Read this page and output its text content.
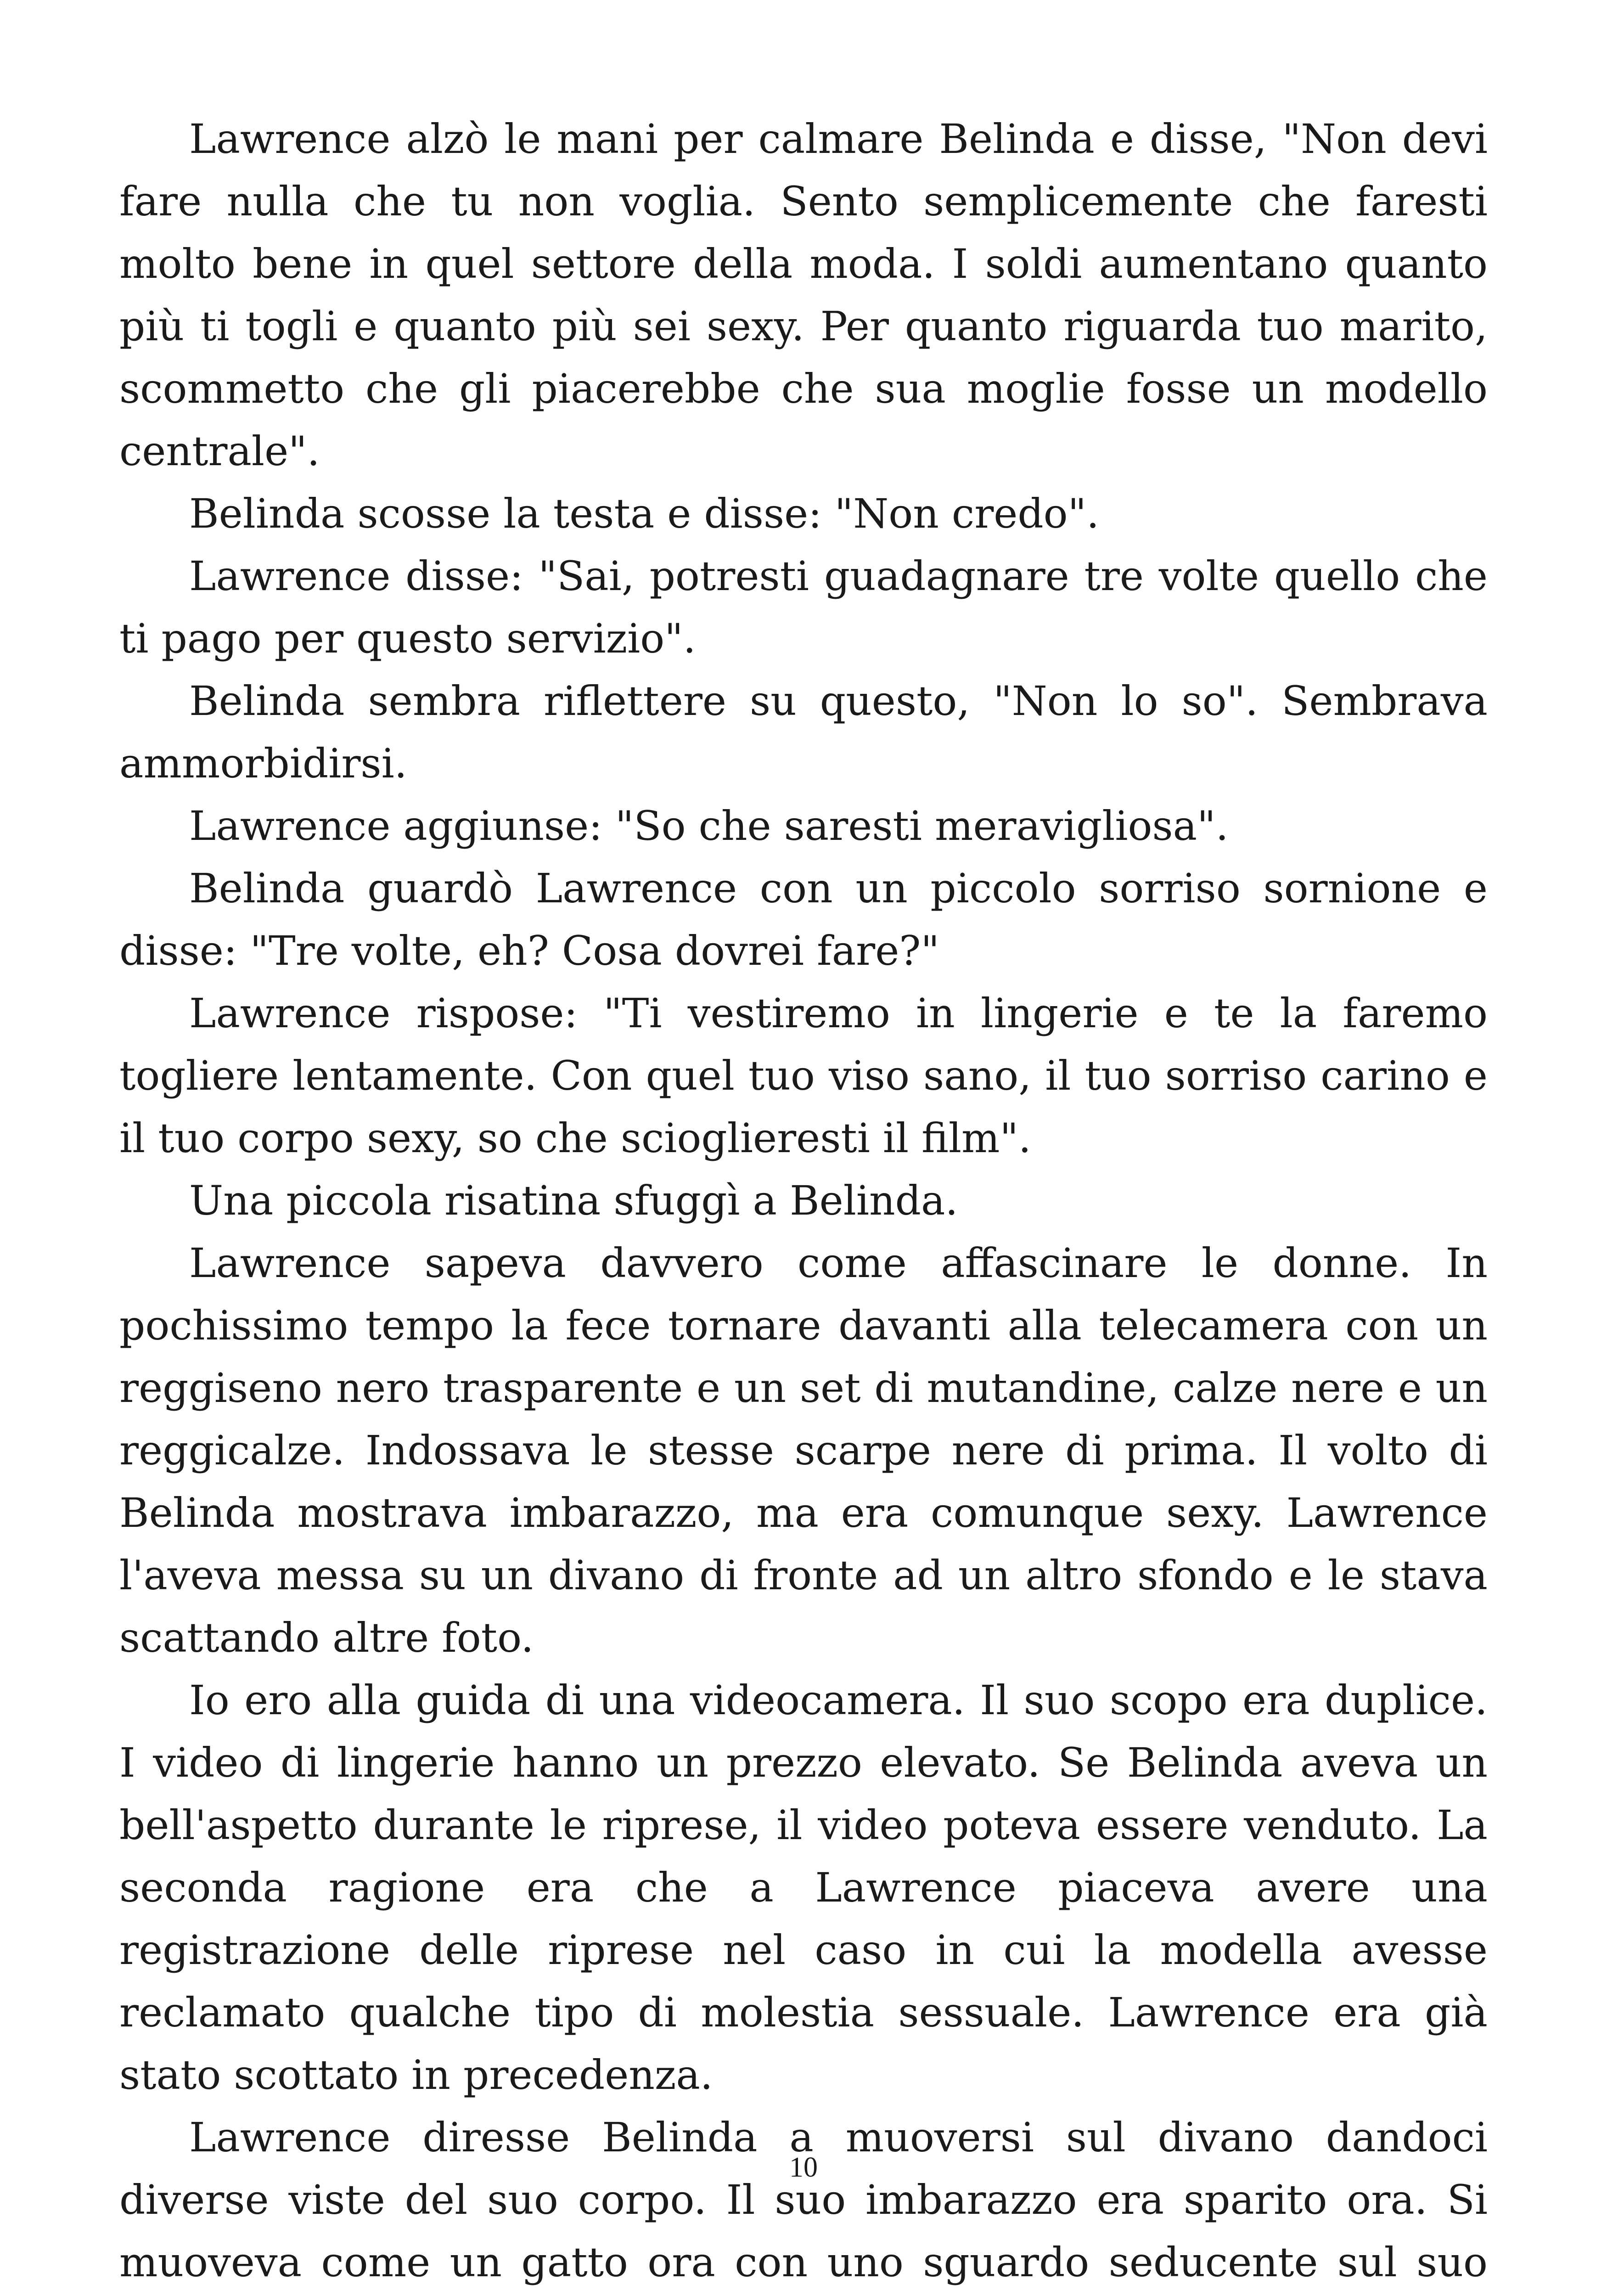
Lawrence alzò le mani per calmare Belinda e disse, "Non devi fare nulla che tu non voglia. Sento semplicemente che faresti molto bene in quel settore della moda. I soldi aumentano quanto più ti togli e quanto più sei sexy. Per quanto riguarda tuo marito, scommetto che gli piacerebbe che sua moglie fosse un modello centrale".

Belinda scosse la testa e disse: "Non credo".

Lawrence disse: "Sai, potresti guadagnare tre volte quello che ti pago per questo servizio".

Belinda sembra riflettere su questo, "Non lo so". Sembrava ammorbidirsi.

Lawrence aggiunse: "So che saresti meravigliosa".

Belinda guardò Lawrence con un piccolo sorriso sornione e disse: "Tre volte, eh? Cosa dovrei fare?"

Lawrence rispose: "Ti vestiremo in lingerie e te la faremo togliere lentamente. Con quel tuo viso sano, il tuo sorriso carino e il tuo corpo sexy, so che scioglieresti il film".

Una piccola risatina sfuggì a Belinda.

Lawrence sapeva davvero come affascinare le donne. In pochissimo tempo la fece tornare davanti alla telecamera con un reggiseno nero trasparente e un set di mutandine, calze nere e un reggicalze. Indossava le stesse scarpe nere di prima. Il volto di Belinda mostrava imbarazzo, ma era comunque sexy. Lawrence l'aveva messa su un divano di fronte ad un altro sfondo e le stava scattando altre foto.

Io ero alla guida di una videocamera. Il suo scopo era duplice. I video di lingerie hanno un prezzo elevato. Se Belinda aveva un bell'aspetto durante le riprese, il video poteva essere venduto. La seconda ragione era che a Lawrence piaceva avere una registrazione delle riprese nel caso in cui la modella avesse reclamato qualche tipo di molestia sessuale. Lawrence era già stato scottato in precedenza.

Lawrence diresse Belinda a muoversi sul divano dandoci diverse viste del suo corpo. Il suo imbarazzo era sparito ora. Si muoveva come un gatto ora con uno sguardo seducente sul suo

10
